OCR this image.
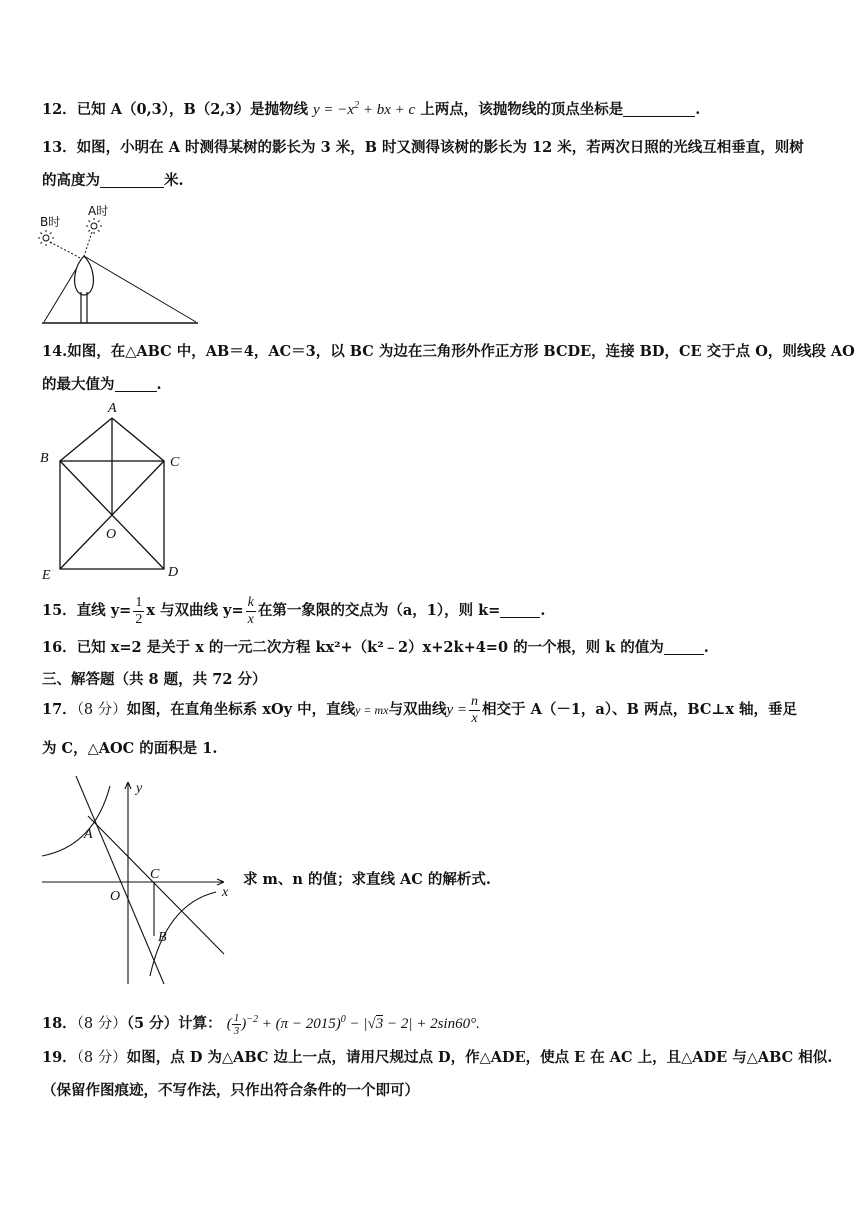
12．已知 A（0,3），B（2,3）是抛物线 $y = -x^2$ + bx + c 上两点，该抛物线的顶点坐标是	.
13．如图，小明在 A 时测得某树的影长为 3 米，B 时又测得该树的影长为 12 米，若两次日照的光线互相垂直，则树
的高度为	米.
B时
A时
14.如图，在△ABC 中，AB＝4，AC＝3，以 BC 为边在三角形外作正方形 BCDE，连接 BD，CE 交于点 O，则线段 AO
的最大值为	.
A
B	C
D
E
O
15．直线 $y= \frac{1}{2}$ x 与双曲线 $y= \frac{k}{x}$ 在第一象限的交点为（a，1），则 k=	.
16．已知 x=2 是关于 x 的一元二次方程 kx²+（k²﹣2）x+2k+4=0 的一个根，则 k 的值为	.
三、解答题（共 8 题，共 72 分）
17．（8 分）如图，在直角坐标系 xOy 中，直线y = mx与双曲线$y = \frac{n}{x}$ 相交于 A（－1，a）、B 两点，BC⊥x 轴，垂足
为 C，△AOC 的面积是 1.
y
x
O
A
C
B
求 m、n 的值；求直线 AC 的解析式.
18．（8 分）（5 分）计算： ( $\frac{1}{3} )^{-2} + (\pi - 2015)^0 - |√3 - 2| + 2\sin 60^\circ$.
19．（8 分）如图，点 D 为△ABC 边上一点，请用尺规过点 D，作△ADE，使点 E 在 AC 上，且△ADE 与△ABC 相似.
（保留作图痕迹，不写作法，只作出符合条件的一个即可）
